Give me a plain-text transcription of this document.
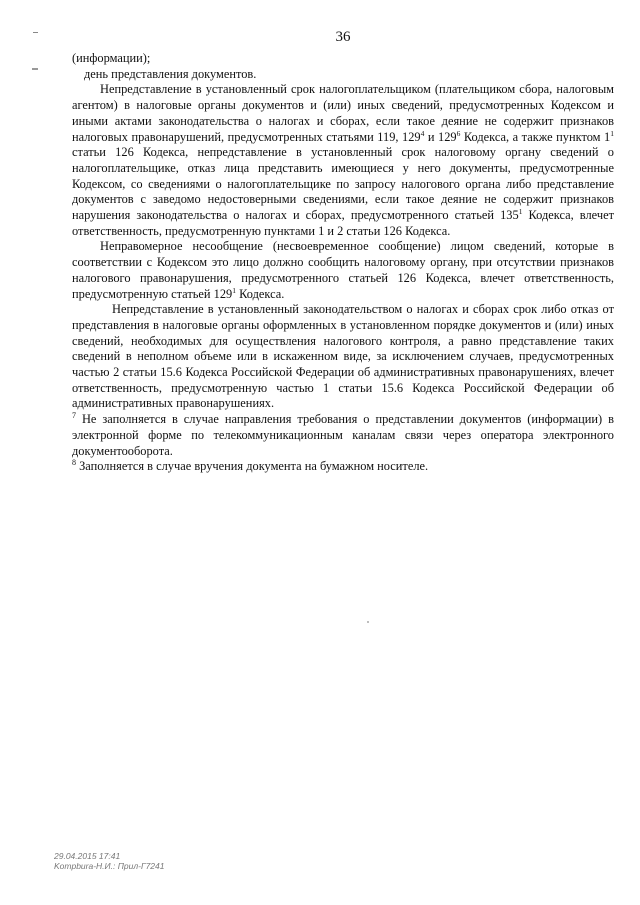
36

(информации);

день представления документов.

Непредставление в установленный срок налогоплательщиком (плательщиком сбора, налоговым агентом) в налоговые органы документов и (или) иных сведений, предусмотренных Кодексом и иными актами законодательства о налогах и сборах, если такое деяние не содержит признаков налоговых правонарушений, предусмотренных статьями 119, $129^4$ и $129^6$ Кодекса, а также пунктом $1^1$ статьи 126 Кодекса, непредставление в установленный срок налоговому органу сведений о налогоплательщике, отказ лица представить имеющиеся у него документы, предусмотренные Кодексом, со сведениями о налогоплательщике по запросу налогового органа либо представление документов с заведомо недостоверными сведениями, если такое деяние не содержит признаков нарушения законодательства о налогах и сборах, предусмотренного статьей $135^1$ Кодекса, влечет ответственность, предусмотренную пунктами 1 и 2 статьи 126 Кодекса.

Неправомерное несообщение (несвоевременное сообщение) лицом сведений, которые в соответствии с Кодексом это лицо должно сообщить налоговому органу, при отсутствии признаков налогового правонарушения, предусмотренного статьей 126 Кодекса, влечет ответственность, предусмотренную статьей $129^1$ Кодекса.

Непредставление в установленный законодательством о налогах и сборах срок либо отказ от представления в налоговые органы оформленных в установленном порядке документов и (или) иных сведений, необходимых для осуществления налогового контроля, а равно представление таких сведений в неполном объеме или в искаженном виде, за исключением случаев, предусмотренных частью 2 статьи 15.6 Кодекса Российской Федерации об административных правонарушениях, влечет ответственность, предусмотренную частью 1 статьи 15.6 Кодекса Российской Федерации об административных правонарушениях.

$^7$ Не заполняется в случае направления требования о представлении документов (информации) в электронной форме по телекоммуникационным каналам связи через оператора электронного документооборота.

$^8$ Заполняется в случае вручения документа на бумажном носителе.

29.04.2015 17:41
Kompbura-Н.И.: Прил-Г7241
